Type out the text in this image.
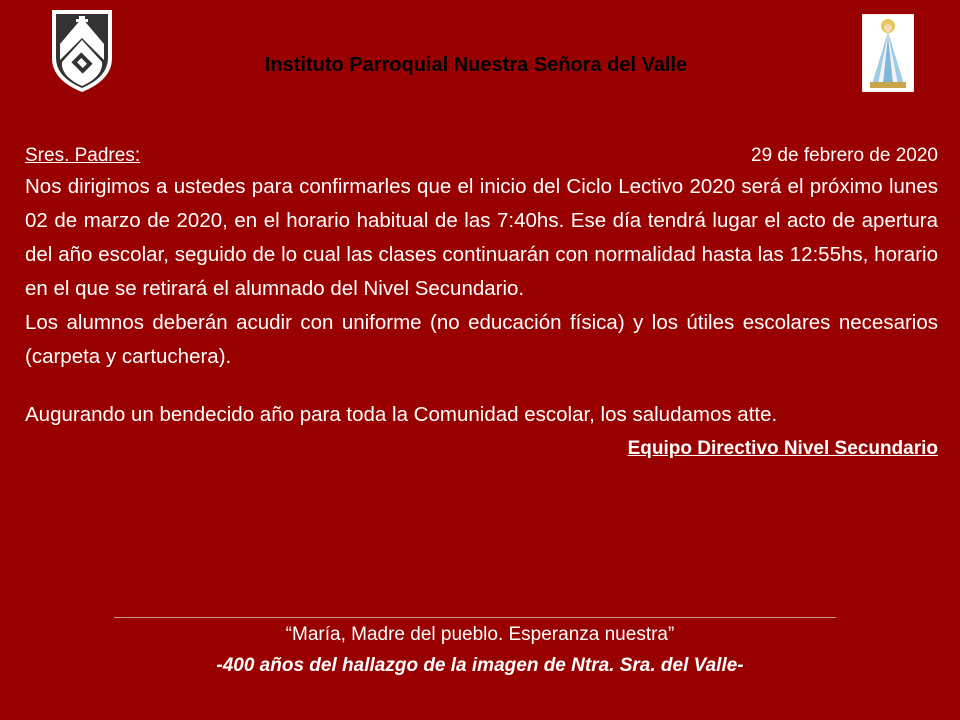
Instituto Parroquial Nuestra Señora del Valle
Sres. Padres:	29 de febrero de 2020

Nos dirigimos a ustedes para confirmarles que el inicio del Ciclo Lectivo 2020 será el próximo lunes 02 de marzo de 2020, en el horario habitual de las 7:40hs. Ese día tendrá lugar el acto de apertura del año escolar, seguido de lo cual las clases continuarán con normalidad hasta las 12:55hs, horario en el que se retirará el alumnado del Nivel Secundario.

Los alumnos deberán acudir con uniforme (no educación física) y los útiles escolares necesarios (carpeta y cartuchera).

Augurando un bendecido año para toda la Comunidad escolar, los saludamos atte.

Equipo Directivo Nivel Secundario
“María, Madre del pueblo. Esperanza nuestra”
-400 años del hallazgo de la imagen de Ntra. Sra. del Valle-
